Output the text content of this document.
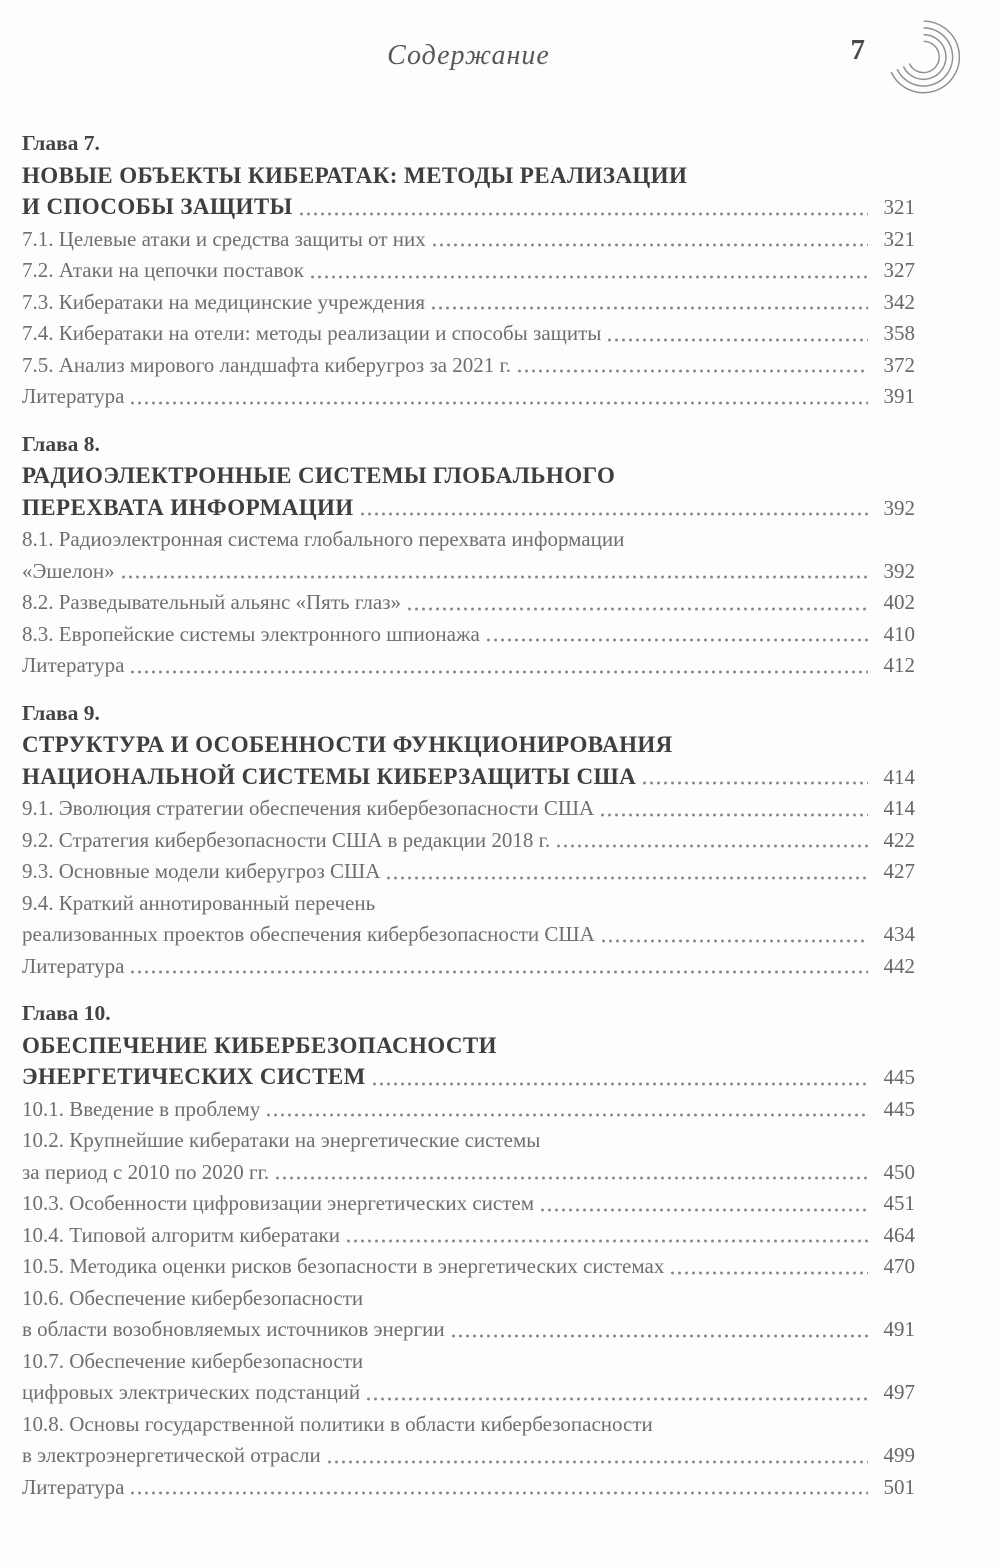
Содержание	7
Глава 7.
НОВЫЕ ОБЪЕКТЫ КИБЕРАТАК: МЕТОДЫ РЕАЛИЗАЦИИ
И СПОСОБЫ ЗАЩИТЫ	321
7.1. Целевые атаки и средства защиты от них	321
7.2. Атаки на цепочки поставок	327
7.3. Кибератаки на медицинские учреждения	342
7.4. Кибератаки на отели: методы реализации и способы защиты	358
7.5. Анализ мирового ландшафта киберугроз за 2021 г.	372
Литература	391
Глава 8.
РАДИОЭЛЕКТРОННЫЕ СИСТЕМЫ ГЛОБАЛЬНОГО
ПЕРЕХВАТА ИНФОРМАЦИИ	392
8.1. Радиоэлектронная система глобального перехвата информации
«Эшелон»	392
8.2. Разведывательный альянс «Пять глаз»	402
8.3. Европейские системы электронного шпионажа	410
Литература	412
Глава 9.
СТРУКТУРА И ОСОБЕННОСТИ ФУНКЦИОНИРОВАНИЯ
НАЦИОНАЛЬНОЙ СИСТЕМЫ КИБЕРЗАЩИТЫ США	414
9.1. Эволюция стратегии обеспечения кибербезопасности США	414
9.2. Стратегия кибербезопасности США в редакции 2018 г.	422
9.3. Основные модели киберугроз США	427
9.4. Краткий аннотированный перечень
реализованных проектов обеспечения кибербезопасности США	434
Литература	442
Глава 10.
ОБЕСПЕЧЕНИЕ КИБЕРБЕЗОПАСНОСТИ
ЭНЕРГЕТИЧЕСКИХ СИСТЕМ	445
10.1. Введение в проблему	445
10.2. Крупнейшие кибератаки на энергетические системы
за период с 2010 по 2020 гг.	450
10.3. Особенности цифровизации энергетических систем	451
10.4. Типовой алгоритм кибератаки	464
10.5. Методика оценки рисков безопасности в энергетических системах	470
10.6. Обеспечение кибербезопасности
в области возобновляемых источников энергии	491
10.7. Обеспечение кибербезопасности
цифровых электрических подстанций	497
10.8. Основы государственной политики в области кибербезопасности
в электроэнергетической отрасли	499
Литература	501
